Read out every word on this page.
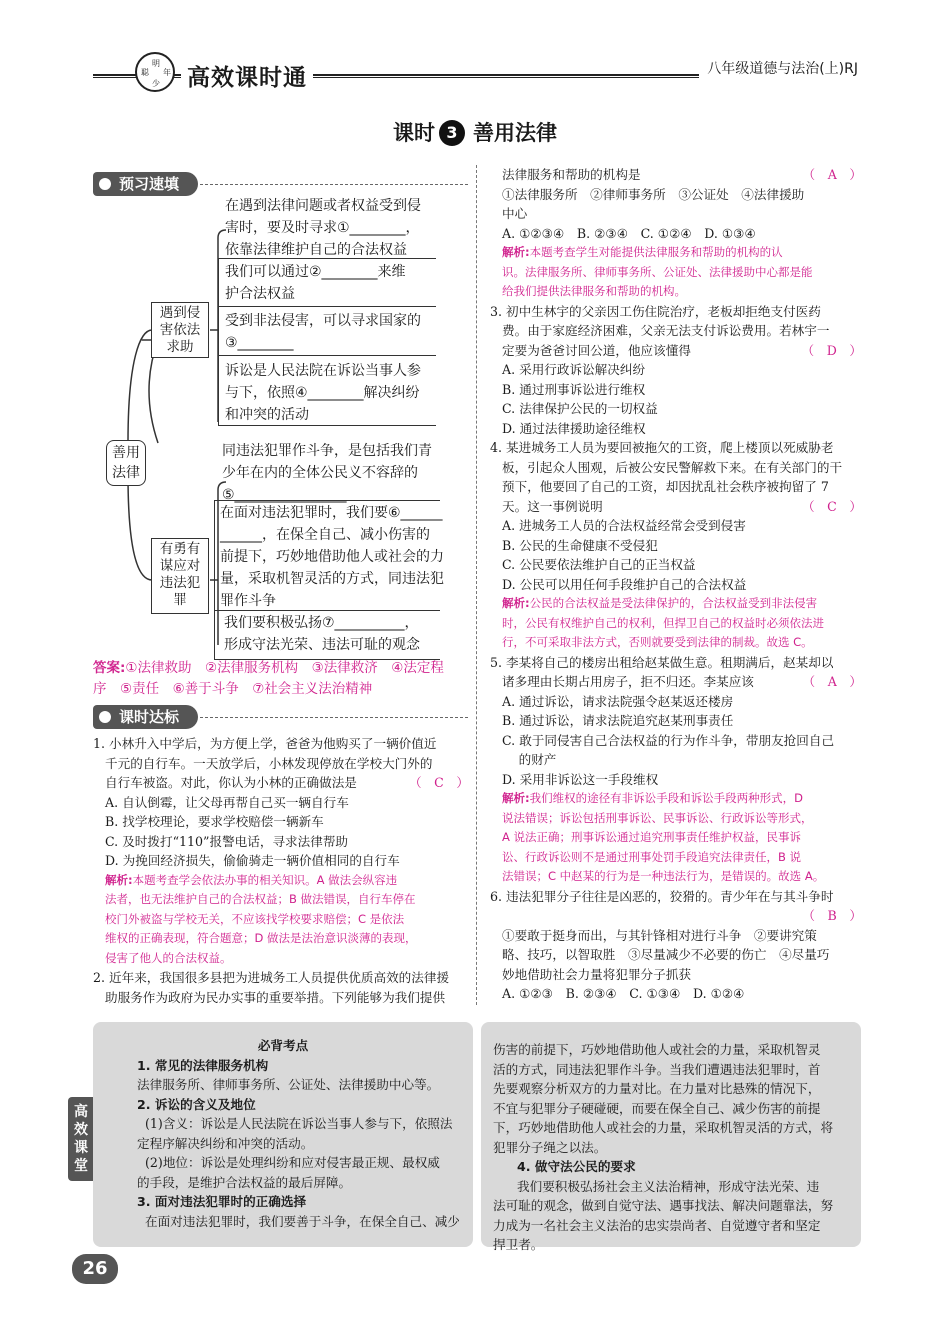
聪
明
少
年 高效课时通	八年级道德与法治(上)RJ
课时 3 善用法律
预习速填
善用法律
遇到侵害依法求助
有勇有谋应对违法犯罪
在遇到法律问题或者权益受到侵
害时，要及时寻求①________，
依靠法律维护自己的合法权益
我们可以通过②________来维
护合法权益
受到非法侵害，可以寻求国家的
③________
诉讼是人民法院在诉讼当事人参
与下，依照④________解决纠纷
和冲突的活动
同违法犯罪作斗争，是包括我们青
少年在内的全体公民义不容辞的
⑤________________
在面对违法犯罪时，我们要⑥______
______，在保全自己、减小伤害的
前提下，巧妙地借助他人或社会的力
量，采取机智灵活的方式，同违法犯
罪作斗争
我们要积极弘扬⑦__________，
形成守法光荣、违法可耻的观念
答案:①法律救助　②法律服务机构　③法律救济　④法定程
序　⑤责任　⑥善于斗争　⑦社会主义法治精神
课时达标

1. 小林升入中学后，为方便上学，爸爸为他购买了一辆价值近

千元的自行车。一天放学后，小林发现停放在学校大门外的

自行车被盗。对此，你认为小林的正确做法是	（　C　）

A. 自认倒霉，让父母再帮自己买一辆自行车

B. 找学校理论，要求学校赔偿一辆新车

C. 及时拨打“110”报警电话，寻求法律帮助

D. 为挽回经济损失，偷偷骑走一辆价值相同的自行车

解析:本题考查学会依法办事的相关知识。A 做法会纵容违

法者，也无法维护自己的合法权益；B 做法错误，自行车停在

校门外被盗与学校无关，不应该找学校要求赔偿；C 是依法

维权的正确表现，符合题意；D 做法是法治意识淡薄的表现，

侵害了他人的合法权益。

2. 近年来，我国很多县把为进城务工人员提供优质高效的法律援

助服务作为政府为民办实事的重要举措。下列能够为我们提供

法律服务和帮助的机构是	（　A　）

①法律服务所　②律师事务所　③公证处　④法律援助

中心

A. ①②③④　B. ②③④　C. ①②④　D. ①③④

解析:本题考查学生对能提供法律服务和帮助的机构的认

识。法律服务所、律师事务所、公证处、法律援助中心都是能

给我们提供法律服务和帮助的机构。

3. 初中生林宇的父亲因工伤住院治疗，老板却拒绝支付医药

费。由于家庭经济困难，父亲无法支付诉讼费用。若林宇一

定要为爸爸讨回公道，他应该懂得	（　D　）

A. 采用行政诉讼解决纠纷

B. 通过刑事诉讼进行维权

C. 法律保护公民的一切权益

D. 通过法律援助途径维权

4. 某进城务工人员为要回被拖欠的工资，爬上楼顶以死威胁老

板，引起众人围观，后被公安民警解救下来。在有关部门的干

预下，他要回了自己的工资，却因扰乱社会秩序被拘留了 7

天。这一事例说明	（　C　）

A. 进城务工人员的合法权益经常会受到侵害

B. 公民的生命健康不受侵犯

C. 公民要依法维护自己的正当权益

D. 公民可以用任何手段维护自己的合法权益

解析:公民的合法权益是受法律保护的，合法权益受到非法侵害

时，公民有权维护自己的权利，但捍卫自己的权益时必须依法进

行，不可采取非法方式，否则就要受到法律的制裁。故选 C。

5. 李某将自己的楼房出租给赵某做生意。租期满后，赵某却以

诸多理由长期占用房子，拒不归还。李某应该	（　A　）

A. 通过诉讼，请求法院强令赵某返还楼房

B. 通过诉讼，请求法院追究赵某刑事责任

C. 敢于同侵害自己合法权益的行为作斗争，带朋友抢回自己

　 的财产

D. 采用非诉讼这一手段维权

解析:我们维权的途径有非诉讼手段和诉讼手段两种形式，D

说法错误；诉讼包括刑事诉讼、民事诉讼、行政诉讼等形式，

A 说法正确；刑事诉讼通过追究刑事责任维护权益，民事诉

讼、行政诉讼则不是通过刑事处罚手段追究法律责任，B 说

法错误；C 中赵某的行为是一种违法行为，是错误的。故选 A。

6. 违法犯罪分子往往是凶恶的，狡猾的。青少年在与其斗争时

（　B　）

①要敢于挺身而出，与其针锋相对进行斗争　②要讲究策

略、技巧，以智取胜　③尽量减少不必要的伤亡　④尽量巧

妙地借助社会力量将犯罪分子抓获

A. ①②③　B. ②③④　C. ①③④　D. ①②④

高效课堂
必背考点
1. 常见的法律服务机构
法律服务所、律师事务所、公证处、法律援助中心等。
2. 诉讼的含义及地位
(1)含义：诉讼是人民法院在诉讼当事人参与下，依照法
定程序解决纠纷和冲突的活动。
(2)地位：诉讼是处理纠纷和应对侵害最正规、最权威
的手段，是维护合法权益的最后屏障。
3. 面对违法犯罪时的正确选择
在面对违法犯罪时，我们要善于斗争，在保全自己、减少
伤害的前提下，巧妙地借助他人或社会的力量，采取机智灵
活的方式，同违法犯罪作斗争。当我们遭遇违法犯罪时，首
先要观察分析双方的力量对比。在力量对比悬殊的情况下，
不宜与犯罪分子硬碰硬，而要在保全自己、减少伤害的前提
下，巧妙地借助他人或社会的力量，采取机智灵活的方式，将
犯罪分子绳之以法。
4. 做守法公民的要求
我们要积极弘扬社会主义法治精神，形成守法光荣、违
法可耻的观念，做到自觉守法、遇事找法、解决问题靠法，努
力成为一名社会主义法治的忠实崇尚者、自觉遵守者和坚定
捍卫者。
26
